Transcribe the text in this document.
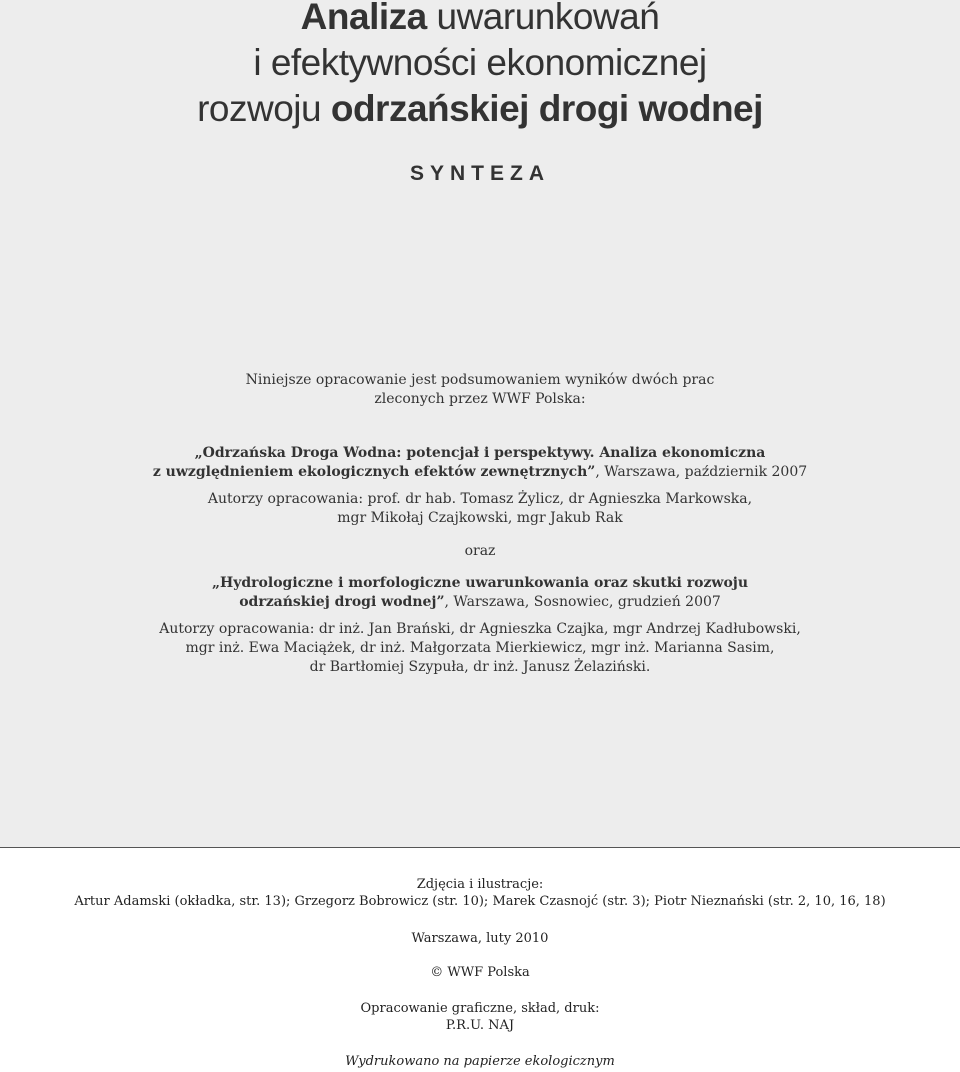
Analiza uwarunkowań
i efektywności ekonomicznej
rozwoju odrzańskiej drogi wodnej
SYNTEZA
Niniejsze opracowanie jest podsumowaniem wyników dwóch prac
zleconych przez WWF Polska:
„Odrzańska Droga Wodna: potencjał i perspektywy. Analiza ekonomiczna
z uwzględnieniem ekologicznych efektów zewnętrznych”, Warszawa, październik 2007
Autorzy opracowania: prof. dr hab. Tomasz Żylicz, dr Agnieszka Markowska,
mgr Mikołaj Czajkowski, mgr Jakub Rak
oraz
„Hydrologiczne i morfologiczne uwarunkowania oraz skutki rozwoju
odrzańskiej drogi wodnej”, Warszawa, Sosnowiec, grudzień 2007
Autorzy opracowania: dr inż. Jan Brański, dr Agnieszka Czajka, mgr Andrzej Kadłubowski,
mgr inż. Ewa Maciążek, dr inż. Małgorzata Mierkiewicz, mgr inż. Marianna Sasim,
dr Bartłomiej Szypuła, dr inż. Janusz Żelaziński.
Zdjęcia i ilustracje:
Artur Adamski (okładka, str. 13); Grzegorz Bobrowicz (str. 10); Marek Czasnojć (str. 3); Piotr Nieznański (str. 2, 10, 16, 18)
Warszawa, luty 2010
© WWF Polska
Opracowanie graficzne, skład, druk:
P.R.U. NAJ
Wydrukowano na papierze ekologicznym
